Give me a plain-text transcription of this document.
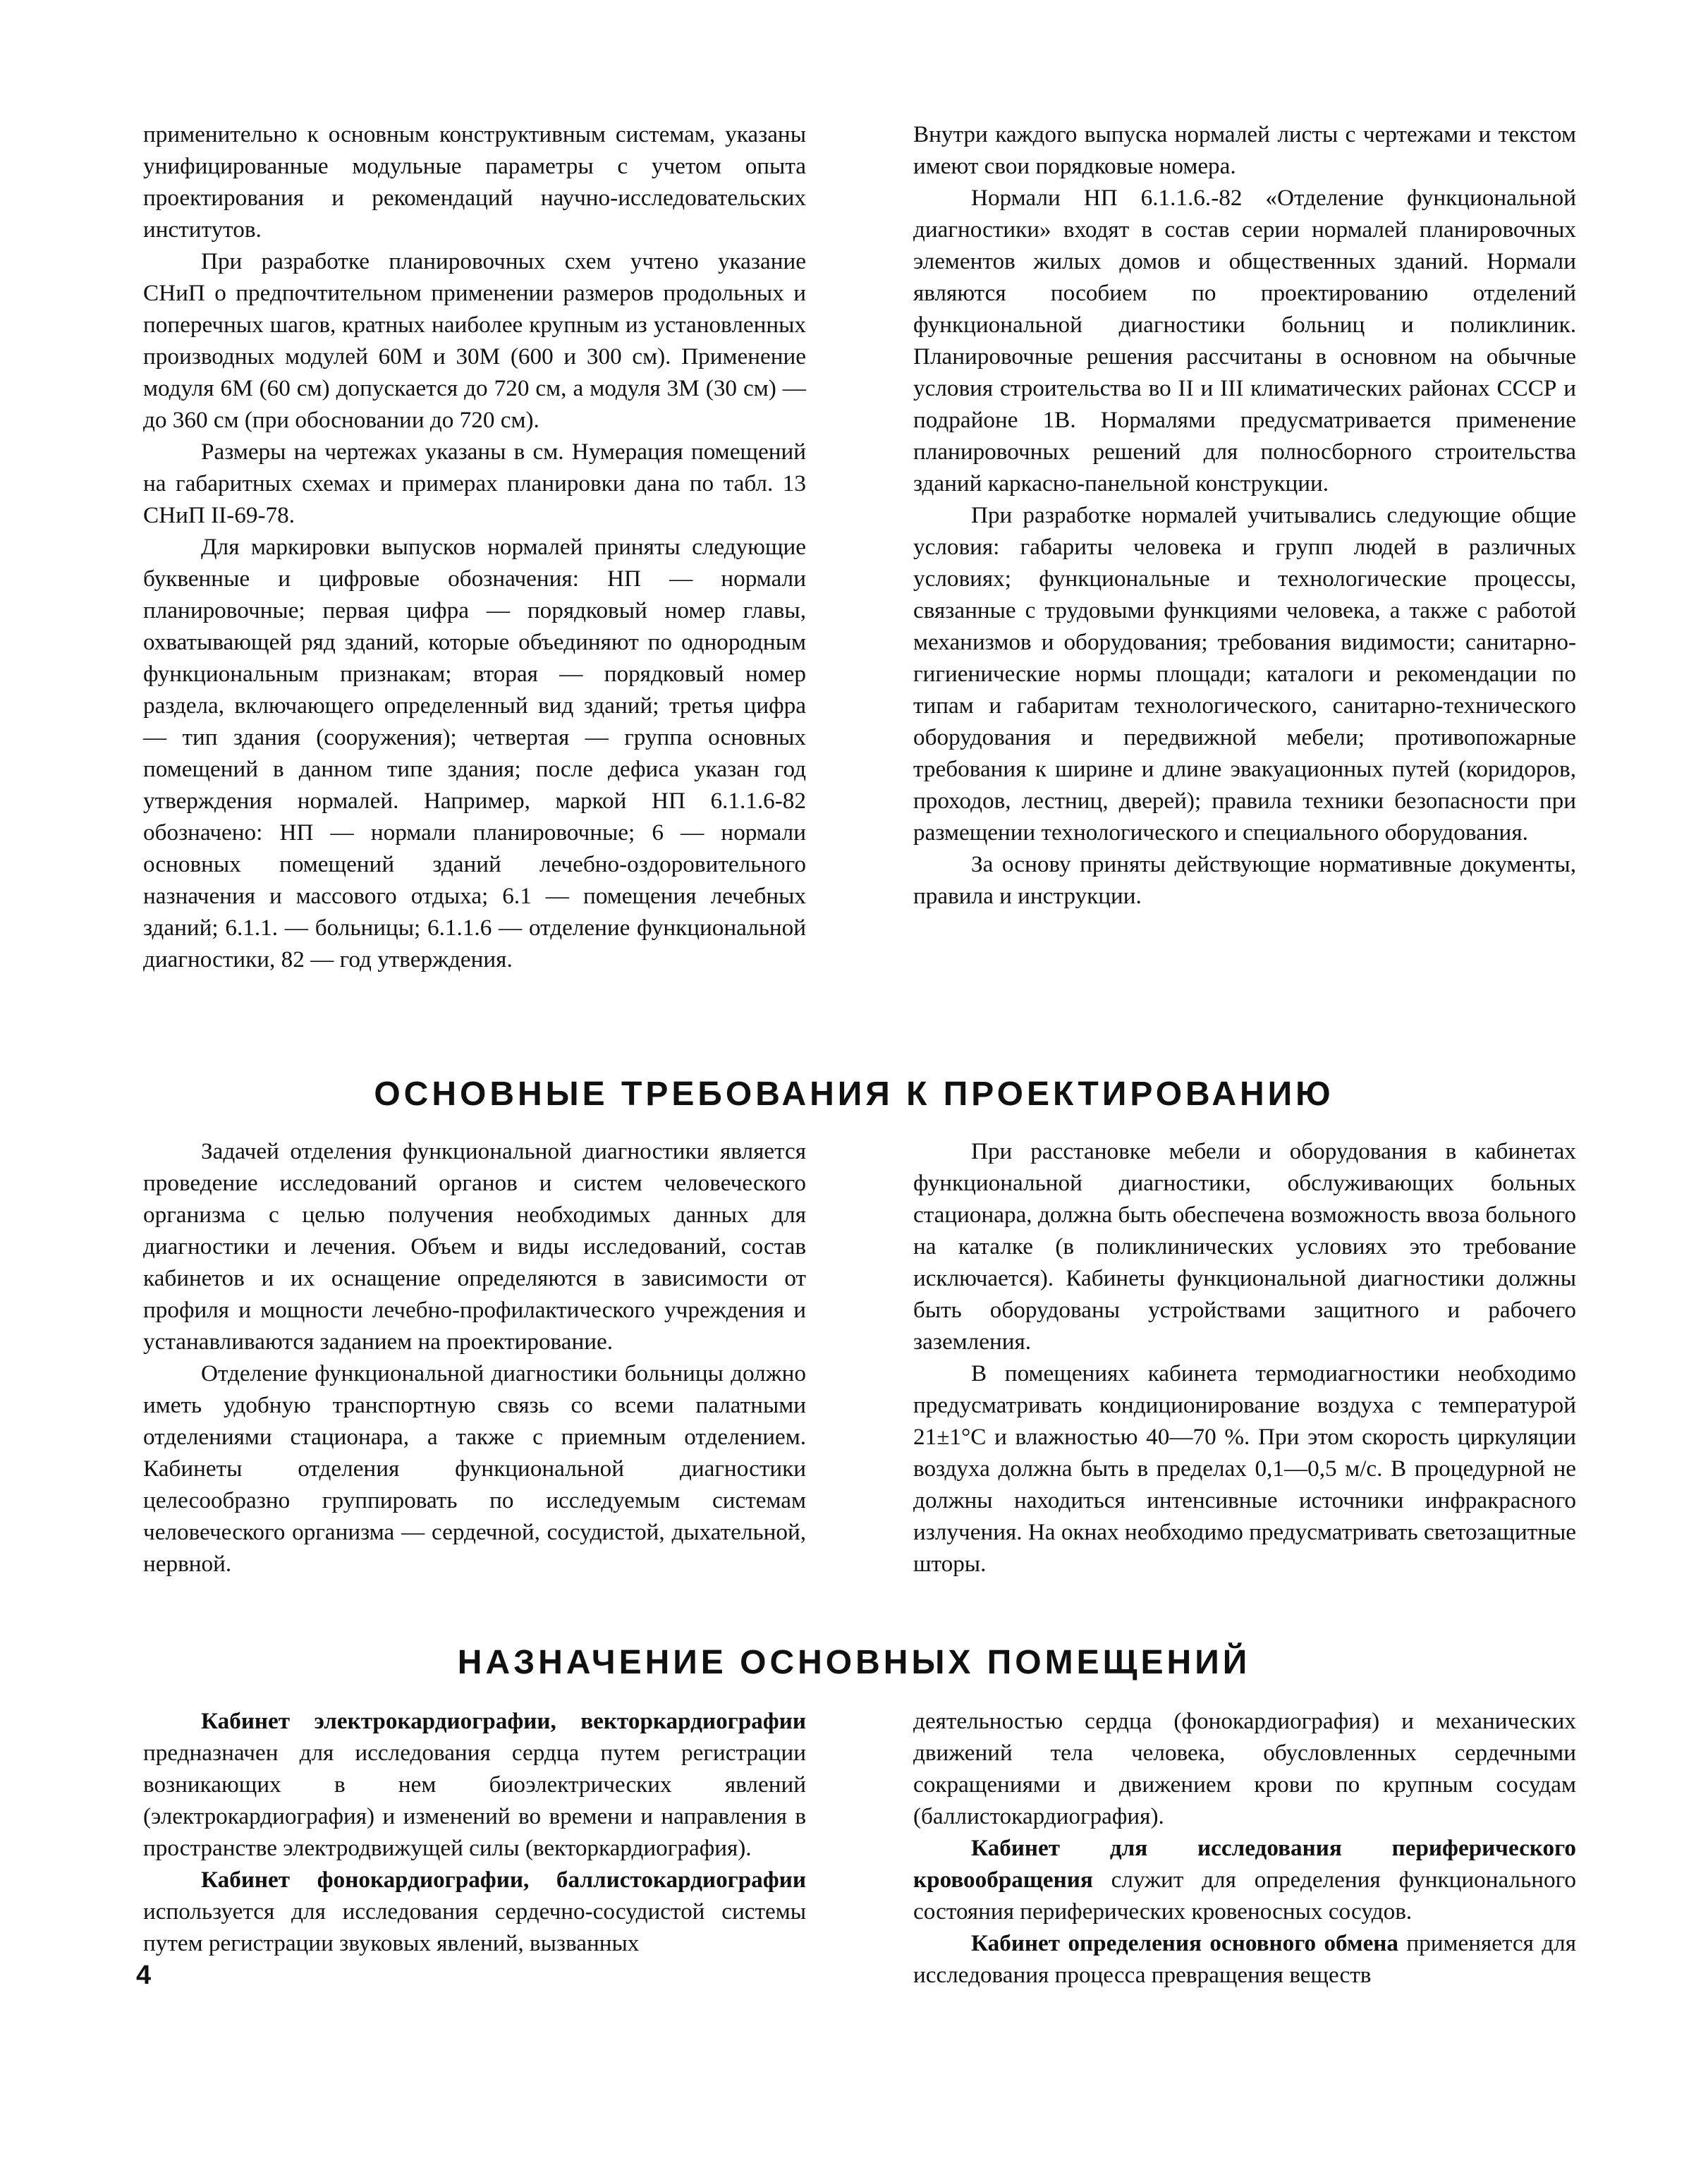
применительно к основным конструктивным системам, указаны унифицированные модульные параметры с учетом опыта проектирования и рекомендаций научно-исследовательских институтов.

При разработке планировочных схем учтено указание СНиП о предпочтительном применении размеров продольных и поперечных шагов, кратных наиболее крупным из установленных производных модулей 60М и 30М (600 и 300 см). Применение модуля 6М (60 см) допускается до 720 см, а модуля 3М (30 см) — до 360 см (при обосновании до 720 см).

Размеры на чертежах указаны в см. Нумерация помещений на габаритных схемах и примерах планировки дана по табл. 13 СНиП II-69-78.

Для маркировки выпусков нормалей приняты следующие буквенные и цифровые обозначения: НП — нормали планировочные; первая цифра — порядковый номер главы, охватывающей ряд зданий, которые объединяют по однородным функциональным признакам; вторая — порядковый номер раздела, включающего определенный вид зданий; третья цифра — тип здания (сооружения); четвертая — группа основных помещений в данном типе здания; после дефиса указан год утверждения нормалей. Например, маркой НП 6.1.1.6-82 обозначено: НП — нормали планировочные; 6 — нормали основных помещений зданий лечебно-оздоровительного назначения и массового отдыха; 6.1 — помещения лечебных зданий; 6.1.1. — больницы; 6.1.1.6 — отделение функциональной диагностики, 82 — год утверждения.

Внутри каждого выпуска нормалей листы с чертежами и текстом имеют свои порядковые номера.

Нормали НП 6.1.1.6.-82 «Отделение функциональной диагностики» входят в состав серии нормалей планировочных элементов жилых домов и общественных зданий. Нормали являются пособием по проектированию отделений функциональной диагностики больниц и поликлиник. Планировочные решения рассчитаны в основном на обычные условия строительства во II и III климатических районах СССР и подрайоне 1В. Нормалями предусматривается применение планировочных решений для полносборного строительства зданий каркасно-панельной конструкции.

При разработке нормалей учитывались следующие общие условия: габариты человека и групп людей в различных условиях; функциональные и технологические процессы, связанные с трудовыми функциями человека, а также с работой механизмов и оборудования; требования видимости; санитарно-гигиенические нормы площади; каталоги и рекомендации по типам и габаритам технологического, санитарно-технического оборудования и передвижной мебели; противопожарные требования к ширине и длине эвакуационных путей (коридоров, проходов, лестниц, дверей); правила техники безопасности при размещении технологического и специального оборудования.

За основу приняты действующие нормативные документы, правила и инструкции.

ОСНОВНЫЕ ТРЕБОВАНИЯ К ПРОЕКТИРОВАНИЮ

Задачей отделения функциональной диагностики является проведение исследований органов и систем человеческого организма с целью получения необходимых данных для диагностики и лечения. Объем и виды исследований, состав кабинетов и их оснащение определяются в зависимости от профиля и мощности лечебно-профилактического учреждения и устанавливаются заданием на проектирование.

Отделение функциональной диагностики больницы должно иметь удобную транспортную связь со всеми палатными отделениями стационара, а также с приемным отделением. Кабинеты отделения функциональной диагностики целесообразно группировать по исследуемым системам человеческого организма — сердечной, сосудистой, дыхательной, нервной.

При расстановке мебели и оборудования в кабинетах функциональной диагностики, обслуживающих больных стационара, должна быть обеспечена возможность ввоза больного на каталке (в поликлинических условиях это требование исключается). Кабинеты функциональной диагностики должны быть оборудованы устройствами защитного и рабочего заземления.

В помещениях кабинета термодиагностики необходимо предусматривать кондиционирование воздуха с температурой 21±1°C и влажностью 40—70 %. При этом скорость циркуляции воздуха должна быть в пределах 0,1—0,5 м/с. В процедурной не должны находиться интенсивные источники инфракрасного излучения. На окнах необходимо предусматривать светозащитные шторы.

НАЗНАЧЕНИЕ ОСНОВНЫХ ПОМЕЩЕНИЙ

Кабинет электрокардиографии, векторкардиографии предназначен для исследования сердца путем регистрации возникающих в нем биоэлектрических явлений (электрокардиография) и изменений во времени и направления в пространстве электродвижущей силы (векторкардиография).

Кабинет фонокардиографии, баллистокардиографии используется для исследования сердечно-сосудистой системы путем регистрации звуковых явлений, вызванных

деятельностью сердца (фонокардиография) и механических движений тела человека, обусловленных сердечными сокращениями и движением крови по крупным сосудам (баллистокардиография).

Кабинет для исследования периферического кровообращения служит для определения функционального состояния периферических кровеносных сосудов.

Кабинет определения основного обмена применяется для исследования процесса превращения веществ

4
